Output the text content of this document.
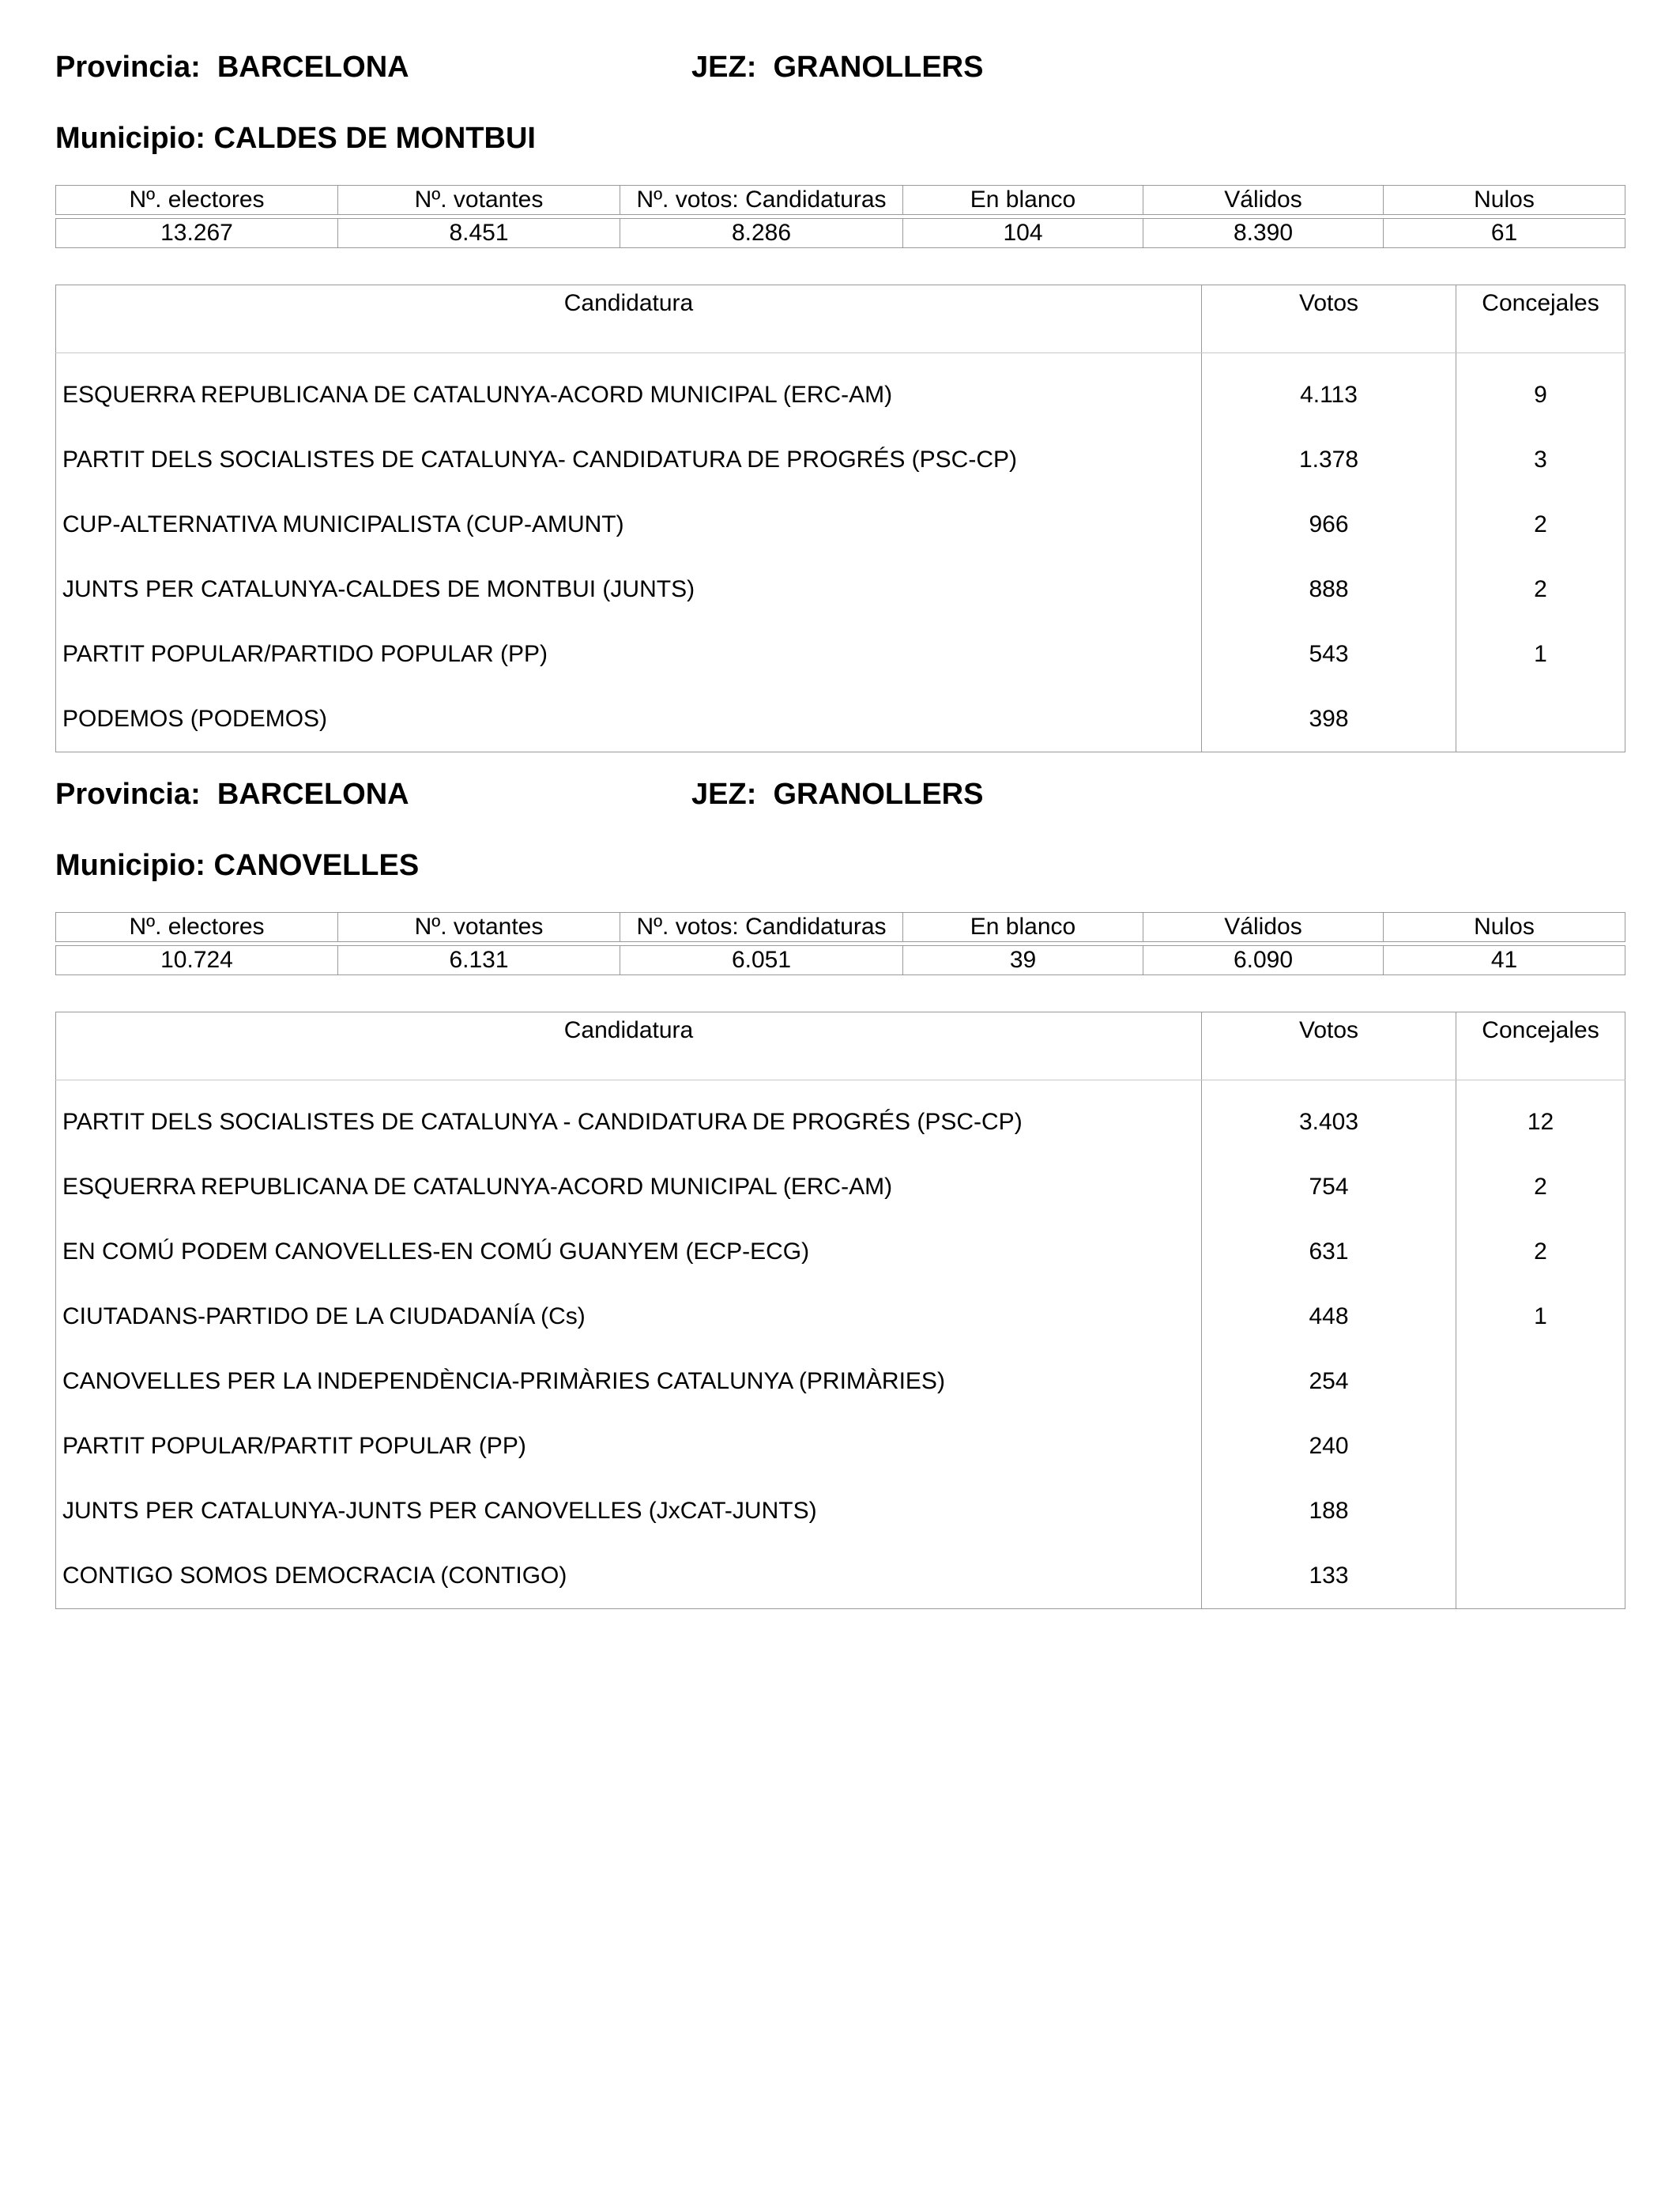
Provincia:  BARCELONA	JEZ:  GRANOLLERS
Municipio: CALDES DE MONTBUI
Nº. electores	Nº. votantes	Nº. votos: Candidaturas	En blanco	Válidos	Nulos

13.267	8.451	8.286	104	8.390	61
Candidatura	Votos	Concejales
ESQUERRA REPUBLICANA DE CATALUNYA-ACORD MUNICIPAL (ERC-AM)	4.113	9
PARTIT DELS SOCIALISTES DE CATALUNYA- CANDIDATURA DE PROGRÉS (PSC-CP)	1.378	3
CUP-ALTERNATIVA MUNICIPALISTA (CUP-AMUNT)	966	2
JUNTS PER CATALUNYA-CALDES DE MONTBUI (JUNTS)	888	2
PARTIT POPULAR/PARTIDO POPULAR (PP)	543	1
PODEMOS (PODEMOS)	398	
Provincia:  BARCELONA	JEZ:  GRANOLLERS
Municipio: CANOVELLES
Nº. electores	Nº. votantes	Nº. votos: Candidaturas	En blanco	Válidos	Nulos

10.724	6.131	6.051	39	6.090	41
Candidatura	Votos	Concejales
PARTIT DELS SOCIALISTES DE CATALUNYA - CANDIDATURA DE PROGRÉS (PSC-CP)	3.403	12
ESQUERRA REPUBLICANA DE CATALUNYA-ACORD MUNICIPAL (ERC-AM)	754	2
EN COMÚ PODEM CANOVELLES-EN COMÚ GUANYEM (ECP-ECG)	631	2
CIUTADANS-PARTIDO DE LA CIUDADANÍA (Cs)	448	1
CANOVELLES PER LA INDEPENDÈNCIA-PRIMÀRIES CATALUNYA (PRIMÀRIES)	254	
PARTIT POPULAR/PARTIT POPULAR (PP)	240	
JUNTS PER CATALUNYA-JUNTS PER CANOVELLES (JxCAT-JUNTS)	188	
CONTIGO SOMOS DEMOCRACIA (CONTIGO)	133	
